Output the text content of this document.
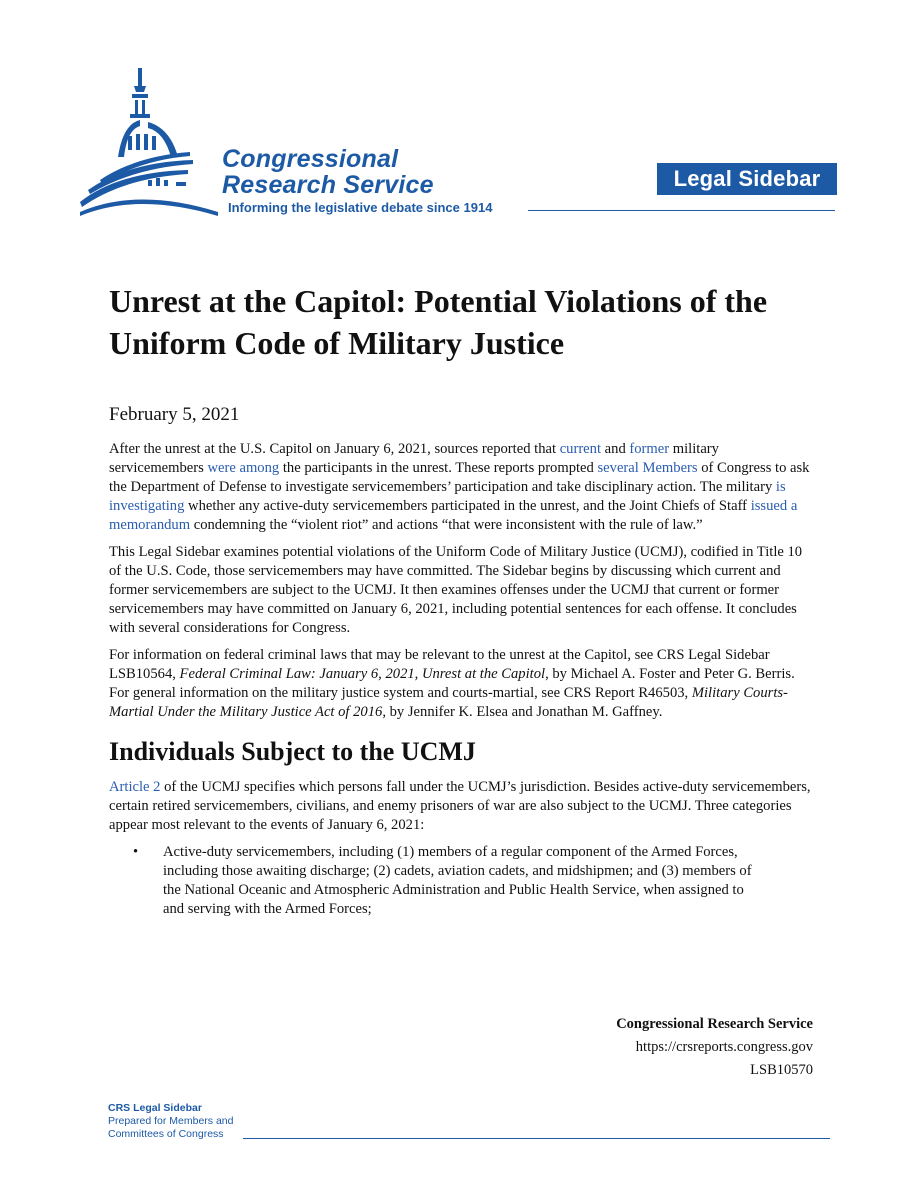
Congressional
Research Service
Informing the legislative debate since 1914
Legal Sidebar
Unrest at the Capitol: Potential Violations of the Uniform Code of Military Justice
February 5, 2021

After the unrest at the U.S. Capitol on January 6, 2021, sources reported that current and former military servicemembers were among the participants in the unrest. These reports prompted several Members of Congress to ask the Department of Defense to investigate servicemembers’ participation and take disciplinary action. The military is investigating whether any active-duty servicemembers participated in the unrest, and the Joint Chiefs of Staff issued a memorandum condemning the “violent riot” and actions “that were inconsistent with the rule of law.”

This Legal Sidebar examines potential violations of the Uniform Code of Military Justice (UCMJ), codified in Title 10 of the U.S. Code, those servicemembers may have committed. The Sidebar begins by discussing which current and former servicemembers are subject to the UCMJ. It then examines offenses under the UCMJ that current or former servicemembers may have committed on January 6, 2021, including potential sentences for each offense. It concludes with several considerations for Congress.

For information on federal criminal laws that may be relevant to the unrest at the Capitol, see CRS Legal Sidebar LSB10564, Federal Criminal Law: January 6, 2021, Unrest at the Capitol, by Michael A. Foster and Peter G. Berris. For general information on the military justice system and courts-martial, see CRS Report R46503, Military Courts-Martial Under the Military Justice Act of 2016, by Jennifer K. Elsea and Jonathan M. Gaffney.

Individuals Subject to the UCMJ

Article 2 of the UCMJ specifies which persons fall under the UCMJ’s jurisdiction. Besides active-duty servicemembers, certain retired servicemembers, civilians, and enemy prisoners of war are also subject to the UCMJ. Three categories appear most relevant to the events of January 6, 2021:

•	Active-duty servicemembers, including (1) members of a regular component of the Armed Forces, including those awaiting discharge; (2) cadets, aviation cadets, and midshipmen; and (3) members of the National Oceanic and Atmospheric Administration and Public Health Service, when assigned to and serving with the Armed Forces;
Congressional Research Service
https://crsreports.congress.gov
LSB10570
CRS Legal Sidebar
Prepared for Members and
Committees of Congress
